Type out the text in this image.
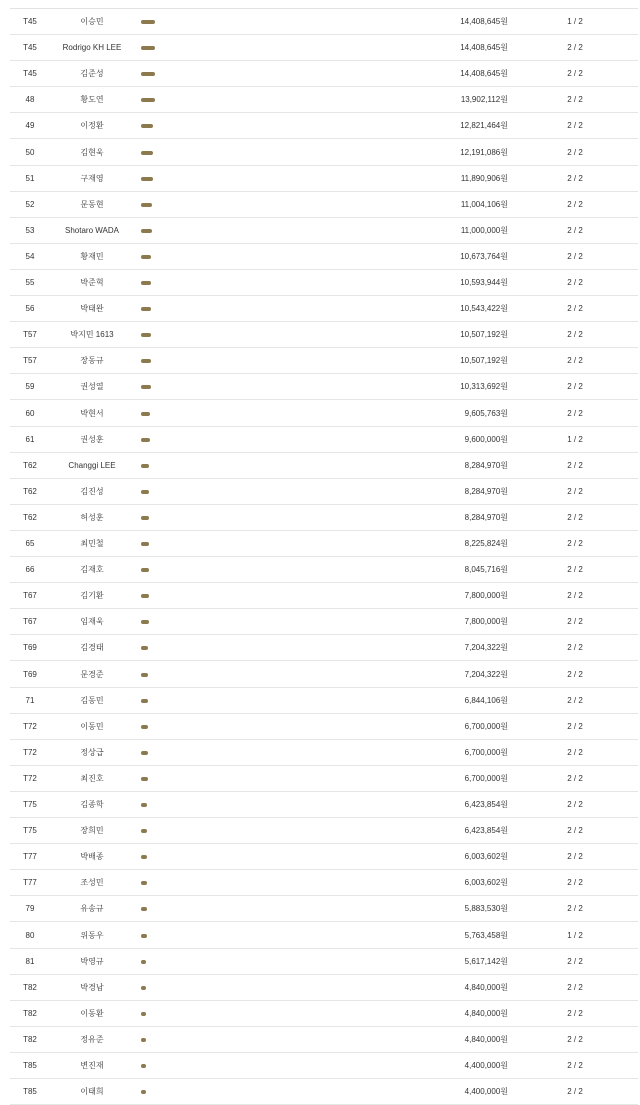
T45	이승민	14,408,645원	1 / 2
T45	Rodrigo KH LEE	14,408,645원	2 / 2
T45	김준성	14,408,645원	2 / 2
48	황도연	13,902,112원	2 / 2
49	이정환	12,821,464원	2 / 2
50	김현욱	12,191,086원	2 / 2
51	구재영	11,890,906원	2 / 2
52	문동현	11,004,106원	2 / 2
53	Shotaro WADA	11,000,000원	2 / 2
54	황재민	10,673,764원	2 / 2
55	박준혁	10,593,944원	2 / 2
56	박태완	10,543,422원	2 / 2
T57	박지민 1613	10,507,192원	2 / 2
T57	장동규	10,507,192원	2 / 2
59	권성열	10,313,692원	2 / 2
60	박현서	9,605,763원	2 / 2
61	권성훈	9,600,000원	1 / 2
T62	Changgi LEE	8,284,970원	2 / 2
T62	김진성	8,284,970원	2 / 2
T62	허성훈	8,284,970원	2 / 2
65	최민철	8,225,824원	2 / 2
66	김재호	8,045,716원	2 / 2
T67	김기환	7,800,000원	2 / 2
T67	임재욱	7,800,000원	2 / 2
T69	김경태	7,204,322원	2 / 2
T69	문경준	7,204,322원	2 / 2
71	김동민	6,844,106원	2 / 2
T72	이동민	6,700,000원	2 / 2
T72	정상급	6,700,000원	2 / 2
T72	최진호	6,700,000원	2 / 2
T75	김종학	6,423,854원	2 / 2
T75	장희민	6,423,854원	2 / 2
T77	박배종	6,003,602원	2 / 2
T77	조성민	6,003,602원	2 / 2
79	유송규	5,883,530원	2 / 2
80	위동우	5,763,458원	1 / 2
81	박영규	5,617,142원	2 / 2
T82	박경남	4,840,000원	2 / 2
T82	이동환	4,840,000원	2 / 2
T82	정유준	4,840,000원	2 / 2
T85	변진재	4,400,000원	2 / 2
T85	이태희	4,400,000원	2 / 2
